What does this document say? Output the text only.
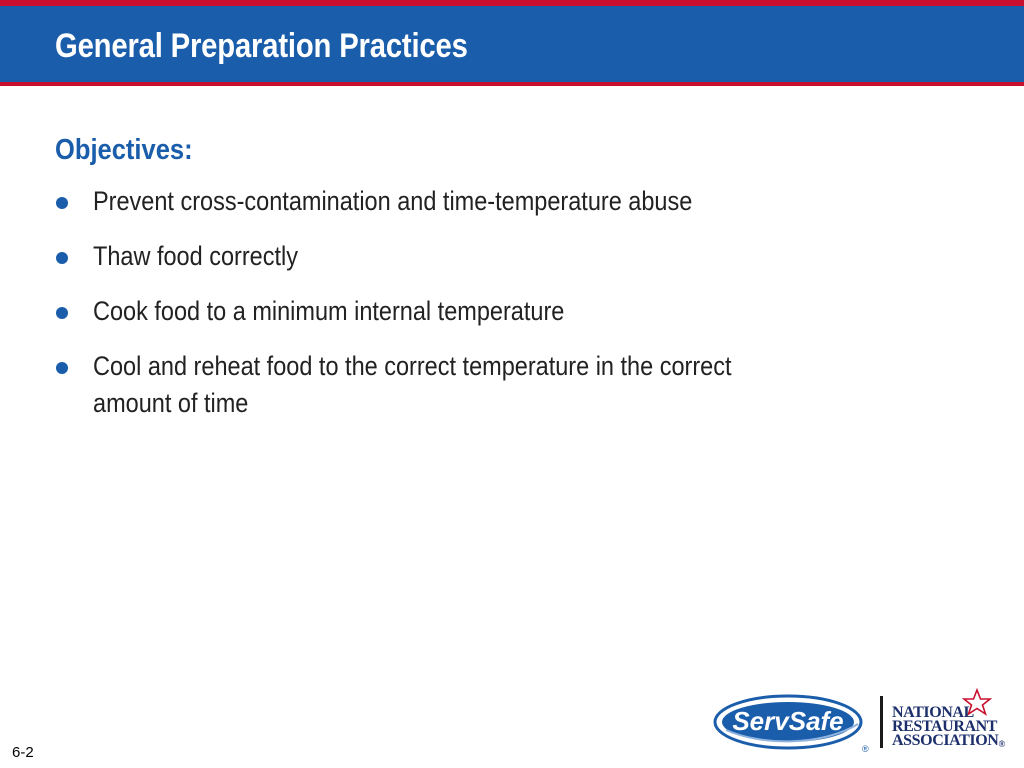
General Preparation Practices
Objectives:
Prevent cross-contamination and time-temperature abuse
Thaw food correctly
Cook food to a minimum internal temperature
Cool and reheat food to the correct temperature in the correct amount of time
6-2
ServSafe
®

NATIONAL

RESTAURANT

ASSOCIATION®
